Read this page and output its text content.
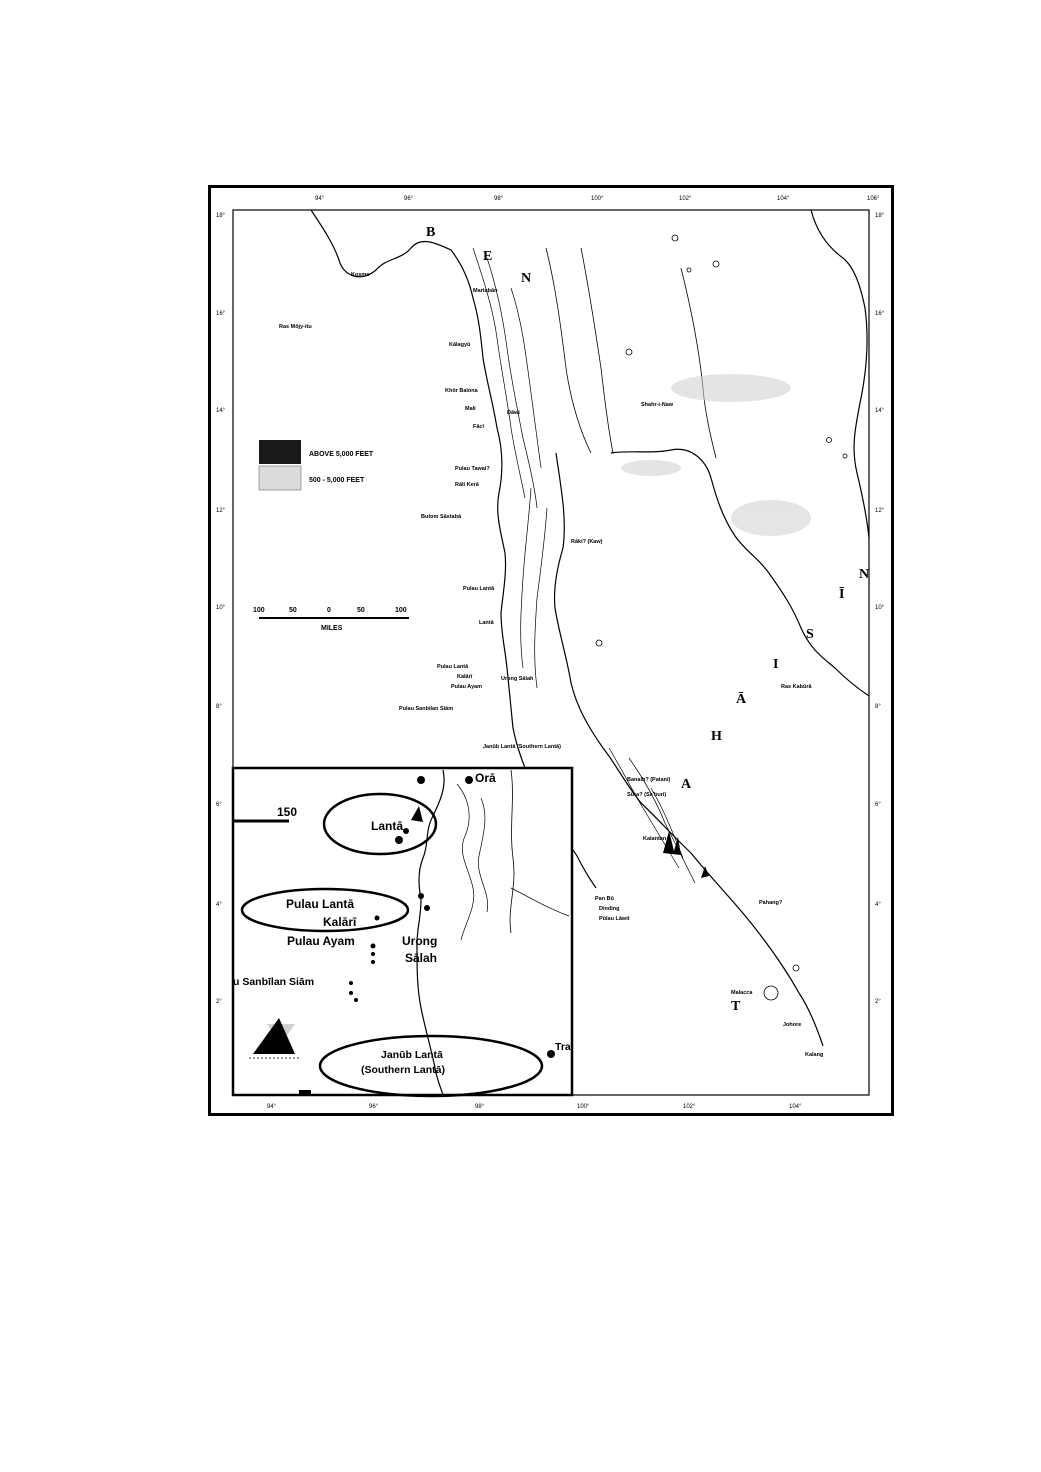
94°	96°	98°	100°	102°	104°	106°
18°
16°
14°
12°
10°
8°
6°
4°
2°
18°
16°
14°
12°
10°
8°
6°
4°
2°
94°	96°	98°	100°	102°	104°
B
E
N
N
Ī
S
I
Ā
H
A
T
Kosma
Ras Mōjy-itu
Martabān
Kālagyū
Dāwi
Khōr Balona
Mali
Fācī
Pulau Tawai?
Rāli Kerā
Butom Sāstabā
Pulau Lantā
Lantā
Pulau Lantā
Kalārī
Pulau Ayam
Urong Sālah
Pulau Sanbilan Siām
Janūb Lantā (Southern Lantā)
Shahr-i-Naw
Rāki? (Kaw)
Ras Kabūrā
Banaih? (Patani)
Sūra? (Sa'buri)
Kalantan
Pan Bū
Dinding
Pūlau Lāwit
Pahang?
Malacca
Johore
Kalang
ABOVE 5,000 FEET
500 - 5,000 FEET
100	50	0	50	100
MILES
150
Orā
Lantā
Pulau Lantā
Kalārī
Pulau Ayam	Urong
Sālah
u Sanbīlan Siām
Janūb Lantā
(Southern Lantā)
Tra
